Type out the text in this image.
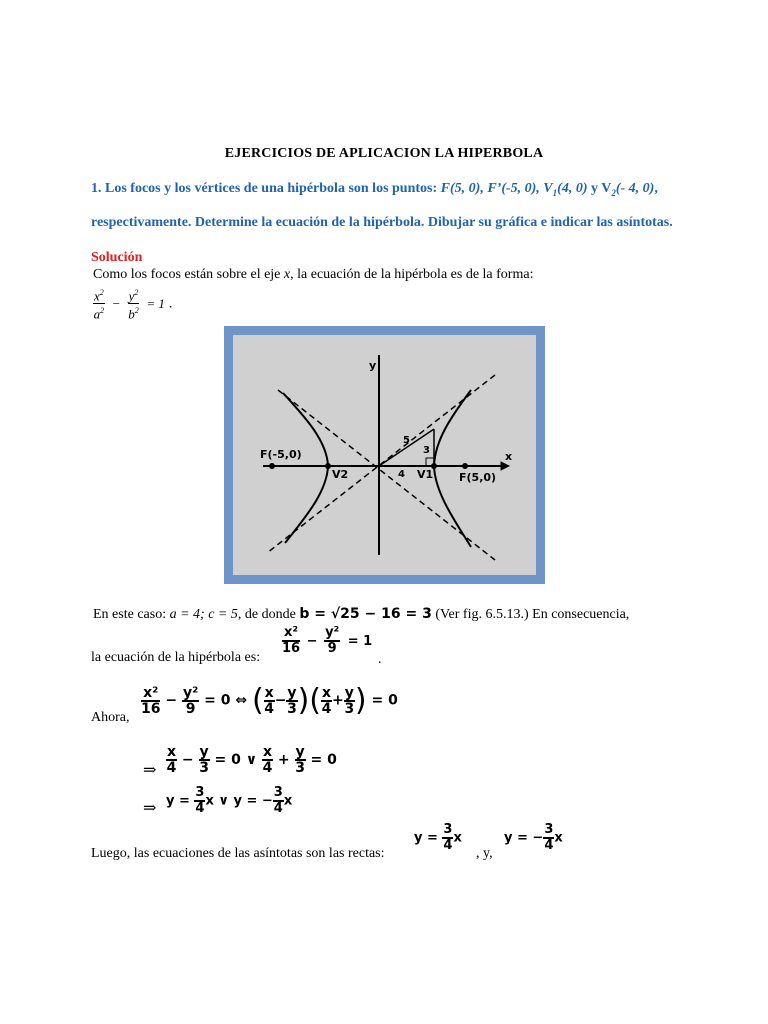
EJERCICIOS DE APLICACION LA HIPERBOLA
1. Los focos y los vértices de una hipérbola son los puntos: F(5, 0), F’(-5, 0), $V_1(4$, 0) y $V_2(-$ 4, 0), respectivamente. Determine la ecuación de la hipérbola. Dibujar su gráfica e indicar las asíntotas.
Solución
Como los focos están sobre el eje x, la ecuación de la hipérbola es de la forma:
$\frac{x^2}{a^2} - \frac{y^2}{b^2} = 1$ .
y
x
F(-5,0)
F(5,0)
V2	V1
5
3
4
En este caso: a = 4; c = 5, de donde b = √25 − 16 = 3 (Ver fig. 6.5.13.) En consecuencia,
la ecuación de la hipérbola es:
$\frac{\text{x²}}{16} - \frac{\text{y²}}{9} = 1$
.
Ahora,
$\frac{\text{x²}}{16} - \frac{\text{y²}}{9} = 0$ ⇔ ( $\frac{x}{4} - \frac{y}{3}$ )( $\frac{x}{4} + \frac{y}{3}$ ) = 0
⇒ $\frac{x}{4} - \frac{y}{3} = 0$ ∨ $\frac{x}{4} + \frac{y}{3} = 0$
⇒ $y = \frac{3}{4}$ x ∨ y = − $\frac{3}{4}$ x
Luego, las ecuaciones de las asíntotas son las rectas:
$y = \frac{3}{4}$ x
, y,
y = − $\frac{3}{4}$ x
